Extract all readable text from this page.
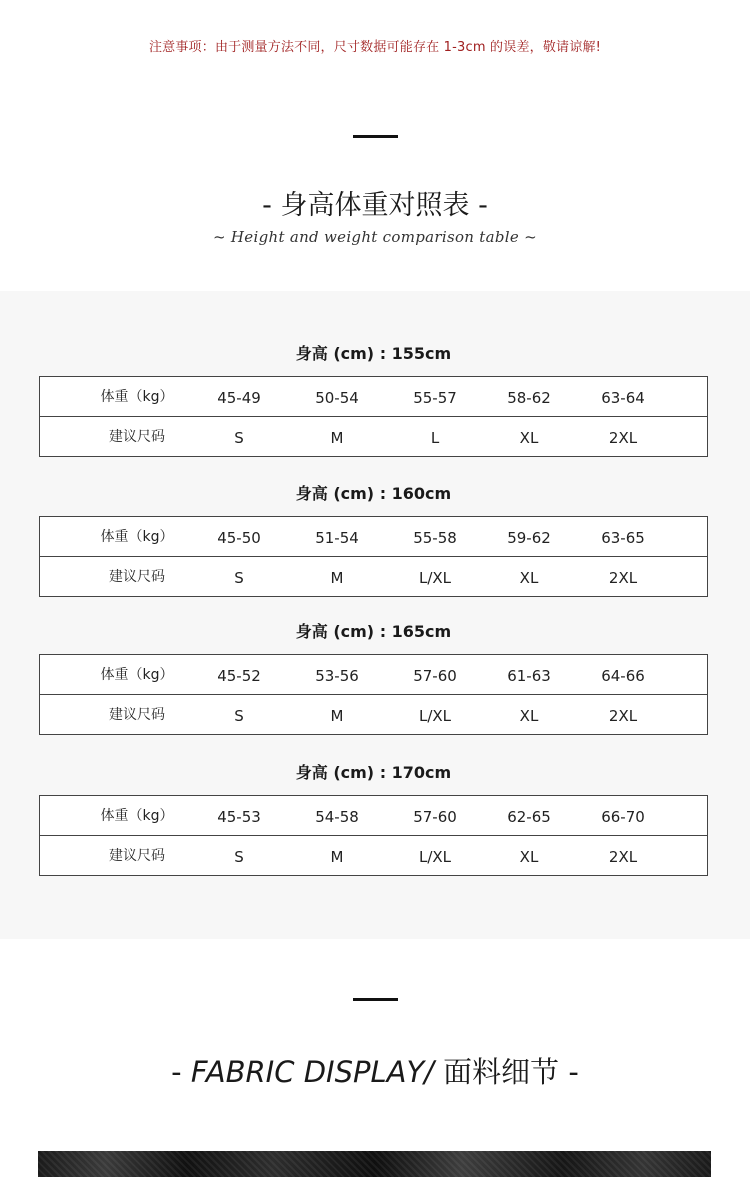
注意事项：由于测量方法不同，尺寸数据可能存在 1-3cm 的误差，敬请谅解!
- 身高体重对照表 -
~ Height and weight comparison table ~
身高 (cm) : 155cm
体重（kg）	45-49	50-54	55-57	58-62	63-64
建议尺码	S	M	L	XL	2XL
身高 (cm) : 160cm
体重（kg）	45-50	51-54	55-58	59-62	63-65
建议尺码	S	M	L/XL	XL	2XL
身高 (cm) : 165cm
体重（kg）	45-52	53-56	57-60	61-63	64-66
建议尺码	S	M	L/XL	XL	2XL
身高 (cm) : 170cm
体重（kg）	45-53	54-58	57-60	62-65	66-70
建议尺码	S	M	L/XL	XL	2XL
- FABRIC DISPLAY/ 面料细节 -
